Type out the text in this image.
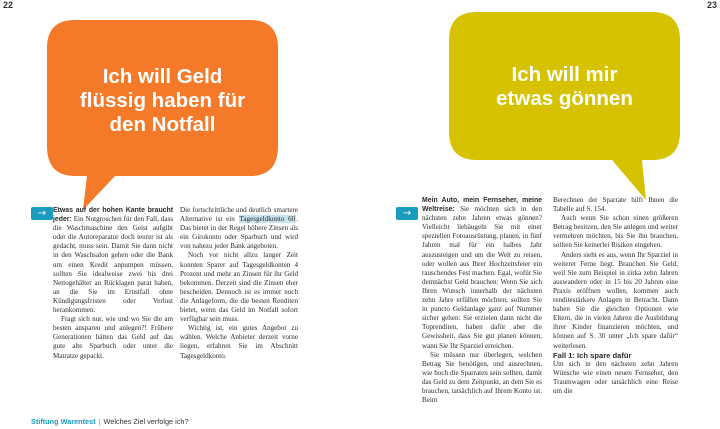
22	23
Ich will Geld
flüssig haben für
den Notfall
Ich will mir
etwas gönnen
→	→

Etwas auf der hohen Kante braucht jeder: Ein Notgroschen für den Fall, dass die Waschmaschine den Geist aufgibt oder die Autoreparatur doch teurer ist als gedacht, muss sein. Damit Sie dann nicht in den Waschsalon gehen oder die Bank um einen Kredit anpumpen müssen, sollten Sie idealweise zwei bis drei Nettogehälter an Rücklagen parat haben, an die Sie im Ernstfall ohne Kündigungsfristen oder Verlust herankommen.

Fragt sich nur, wie und wo Sie die am besten ansparen und anlegen?! Frühere Generationen hätten das Geld auf das gute alte Sparbuch oder unter die Matratze gepackt.

Die fortschrittliche und deutlich smartere Alternative ist ein Tagesgeldkonto 60. Das bietet in der Regel höhere Zinsen als ein Girokonto oder Sparbuch und wird von nahezu jeder Bank angeboten.

Noch vor nicht allzu langer Zeit konnten Sparer auf Tagesgeldkonten 4 Prozent und mehr an Zinsen für ihr Geld bekommen. Derzeit sind die Zinsen eher bescheiden. Dennoch ist es immer noch die Anlageform, die die besten Renditen bietet, wenn das Geld im Notfall sofort verfügbar sein muss.

Wichtig ist, ein gutes Angebot zu wählen. Welche Anbieter derzeit vorne liegen, erfahren Sie im Abschnitt Tagesgeldkonto.

Mein Auto, mein Fernseher, meine Weltreise: Sie möchten sich in den nächsten zehn Jahren etwas gönnen? Vielleicht liebäugeln Sie mit einer speziellen Fotoausrüstung, planen, in fünf Jahren mal für ein halbes Jahr auszusteigen und um die Welt zu reisen, oder wollen aus Ihrer Hochzeitsfeier ein rauschendes Fest machen. Egal, wofür Sie demnächst Geld brauchen: Wenn Sie sich Ihren Wunsch innerhalb der nächsten zehn Jahre erfüllen möchten, sollten Sie in puncto Geldanlage ganz auf Nummer sicher gehen: Sie erzielen dann nicht die Toprenditen, haben dafür aber die Gewissheit, dass Sie gut planen können, wann Sie Ihr Sparziel erreichen.

Sie müssen nur überlegen, welchen Betrag Sie benötigen, und ausrechnen, wie hoch die Sparraten sein sollten, damit das Geld zu dem Zeitpunkt, an dem Sie es brauchen, tatsächlich auf Ihrem Konto ist. Beim

Berechnen der Sparrate hilft Ihnen die Tabelle auf S. 154.

Auch wenn Sie schon einen größeren Betrag besitzen, den Sie anlegen und weiter vermehren möchten, bis Sie ihn brauchen, sollten Sie keinerlei Risiken eingehen.

Anders sieht es aus, wenn Ihr Sparziel in weiterer Ferne liegt. Brauchen Sie Geld, weil Sie zum Beispiel in zirka zehn Jahren auswandern oder in 15 bis 20 Jahren eine Praxis eröffnen wollen, kommen auch renditestärkere Anlagen in Betracht. Dann haben Sie die gleichen Optionen wie Eltern, die in vielen Jahren die Ausbildung ihrer Kinder finanzieren möchten, und können auf S. 30 unter „Ich spare dafür“ weiterlesen.

Fall 1: Ich spare dafür

Um sich in den nächsten zehn Jahren Wünsche wie einen neuen Fernseher, den Traumwagen oder tatsächlich eine Reise um die

Stiftung Warentest | Welches Ziel verfolge ich?
